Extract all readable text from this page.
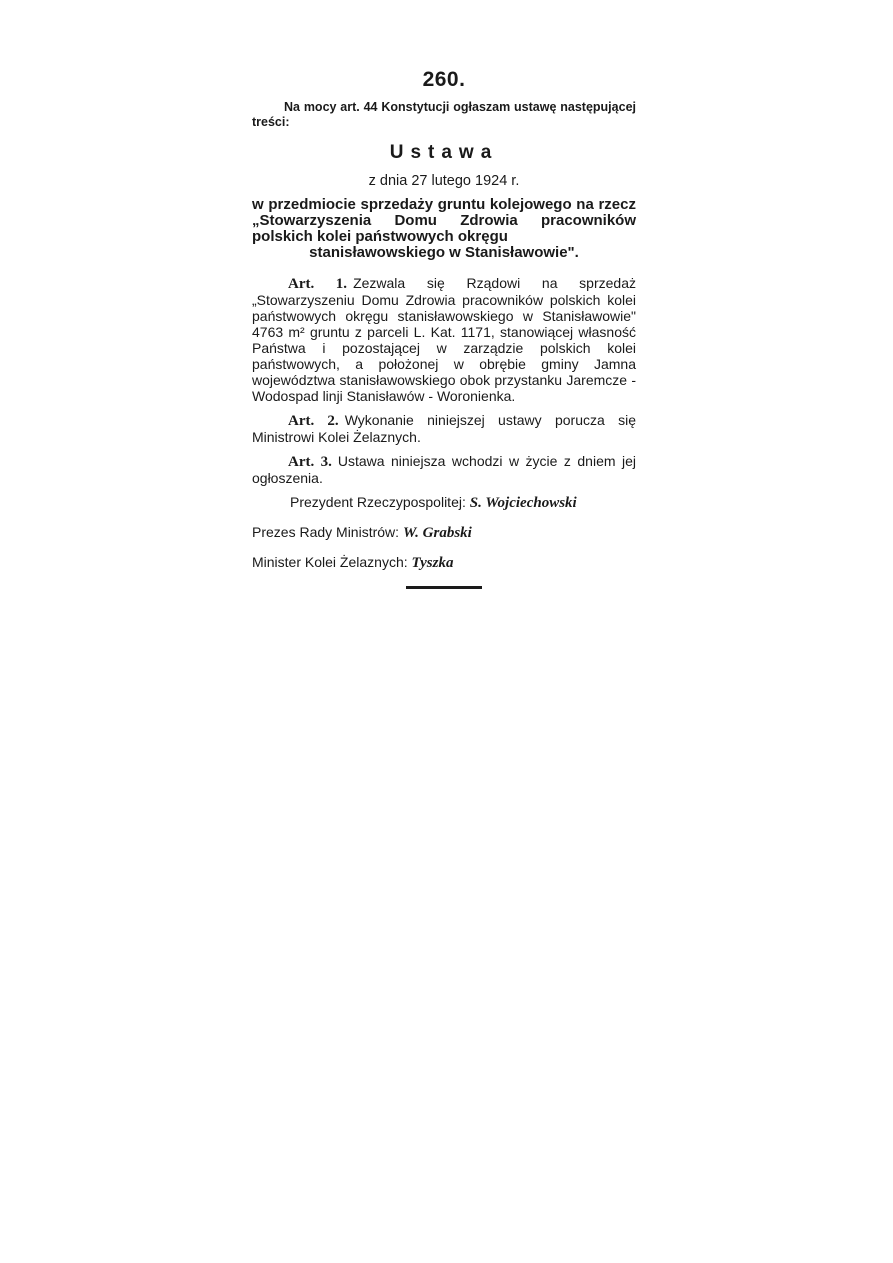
260.

Na mocy art. 44 Konstytucji ogłaszam ustawę następującej treści:

Ustawa
z dnia 27 lutego 1924 r.

w przedmiocie sprzedaży gruntu kolejowego na rzecz „Stowarzyszenia Domu Zdrowia pracowników polskich kolei państwowych okręgu
stanisławowskiego w Stanisławowie".

Art. 1. Zezwala się Rządowi na sprzedaż „Stowarzyszeniu Domu Zdrowia pracowników polskich kolei państwowych okręgu stanisławowskiego w Stanisławowie" 4763 m² gruntu z parceli L. Kat. 1171, stanowiącej własność Państwa i pozostającej w zarządzie polskich kolei państwowych, a położonej w obrębie gminy Jamna województwa stanisławowskiego obok przystanku Jaremcze - Wodospad linji Stanisławów - Woronienka.

Art. 2. Wykonanie niniejszej ustawy porucza się Ministrowi Kolei Żelaznych.

Art. 3. Ustawa niniejsza wchodzi w życie z dniem jej ogłoszenia.

Prezydent Rzeczypospolitej: S. Wojciechowski

Prezes Rady Ministrów: W. Grabski

Minister Kolei Żelaznych: Tyszka
